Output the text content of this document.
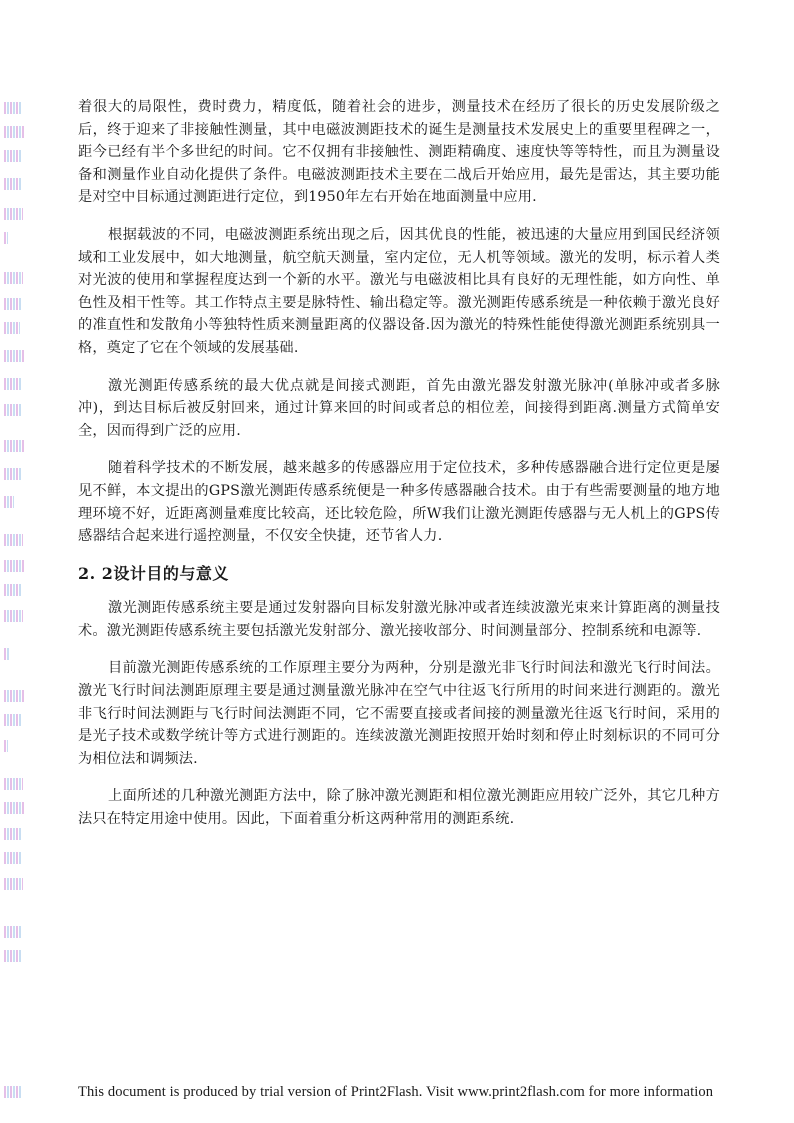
着很大的局限性，费时费力，精度低，随着社会的进步，测量技术在经历了很长的历史发展阶级之后，终于迎来了非接触性测量，其中电磁波测距技术的诞生是测量技术发展史上的重要里程碑之一，距今已经有半个多世纪的时间。它不仅拥有非接触性、测距精确度、速度快等等特性，而且为测量设备和测量作业自动化提供了条件。电磁波测距技术主要在二战后开始应用，最先是雷达，其主要功能是对空中目标通过测距进行定位，到1950年左右开始在地面测量中应用.

根据载波的不同，电磁波测距系统出现之后，因其优良的性能，被迅速的大量应用到国民经济领域和工业发展中，如大地测量，航空航天测量，室内定位，无人机等领域。激光的发明，标示着人类对光波的使用和掌握程度达到一个新的水平。激光与电磁波相比具有良好的无理性能，如方向性、单色性及相干性等。其工作特点主要是脉特性、输出稳定等。激光测距传感系统是一种依赖于激光良好的准直性和发散角小等独特性质来测量距离的仪器设备.因为激光的特殊性能使得激光测距系统别具一格，奠定了它在个领域的发展基础.

激光测距传感系统的最大优点就是间接式测距，首先由激光器发射激光脉冲(单脉冲或者多脉冲)，到达目标后被反射回来，通过计算来回的时间或者总的相位差，间接得到距离.测量方式简单安全，因而得到广泛的应用.

随着科学技术的不断发展，越来越多的传感器应用于定位技术，多种传感器融合进行定位更是屡见不鲜，本文提出的GPS激光测距传感系统便是一种多传感器融合技术。由于有些需要测量的地方地理环境不好，近距离测量难度比较高，还比较危险，所W我们让激光测距传感器与无人机上的GPS传感器结合起来进行遥控测量，不仅安全快捷，还节省人力.

2. 2设计目的与意义

激光测距传感系统主要是通过发射器向目标发射激光脉冲或者连续波激光束来计算距离的测量技术。激光测距传感系统主要包括激光发射部分、激光接收部分、时间测量部分、控制系统和电源等.

目前激光测距传感系统的工作原理主要分为两种，分别是激光非飞行时间法和激光飞行时间法。激光飞行时间法测距原理主要是通过测量激光脉冲在空气中往返飞行所用的时间来进行测距的。激光非飞行时间法测距与飞行时间法测距不同，它不需要直接或者间接的测量激光往返飞行时间，采用的是光子技术或数学统计等方式进行测距的。连续波激光测距按照开始时刻和停止时刻标识的不同可分为相位法和调频法.

上面所述的几种激光测距方法中，除了脉冲激光测距和相位激光测距应用较广泛外，其它几种方法只在特定用途中使用。因此，下面着重分析这两种常用的测距系统.

This document is produced by trial version of Print2Flash. Visit www.print2flash.com for more information
